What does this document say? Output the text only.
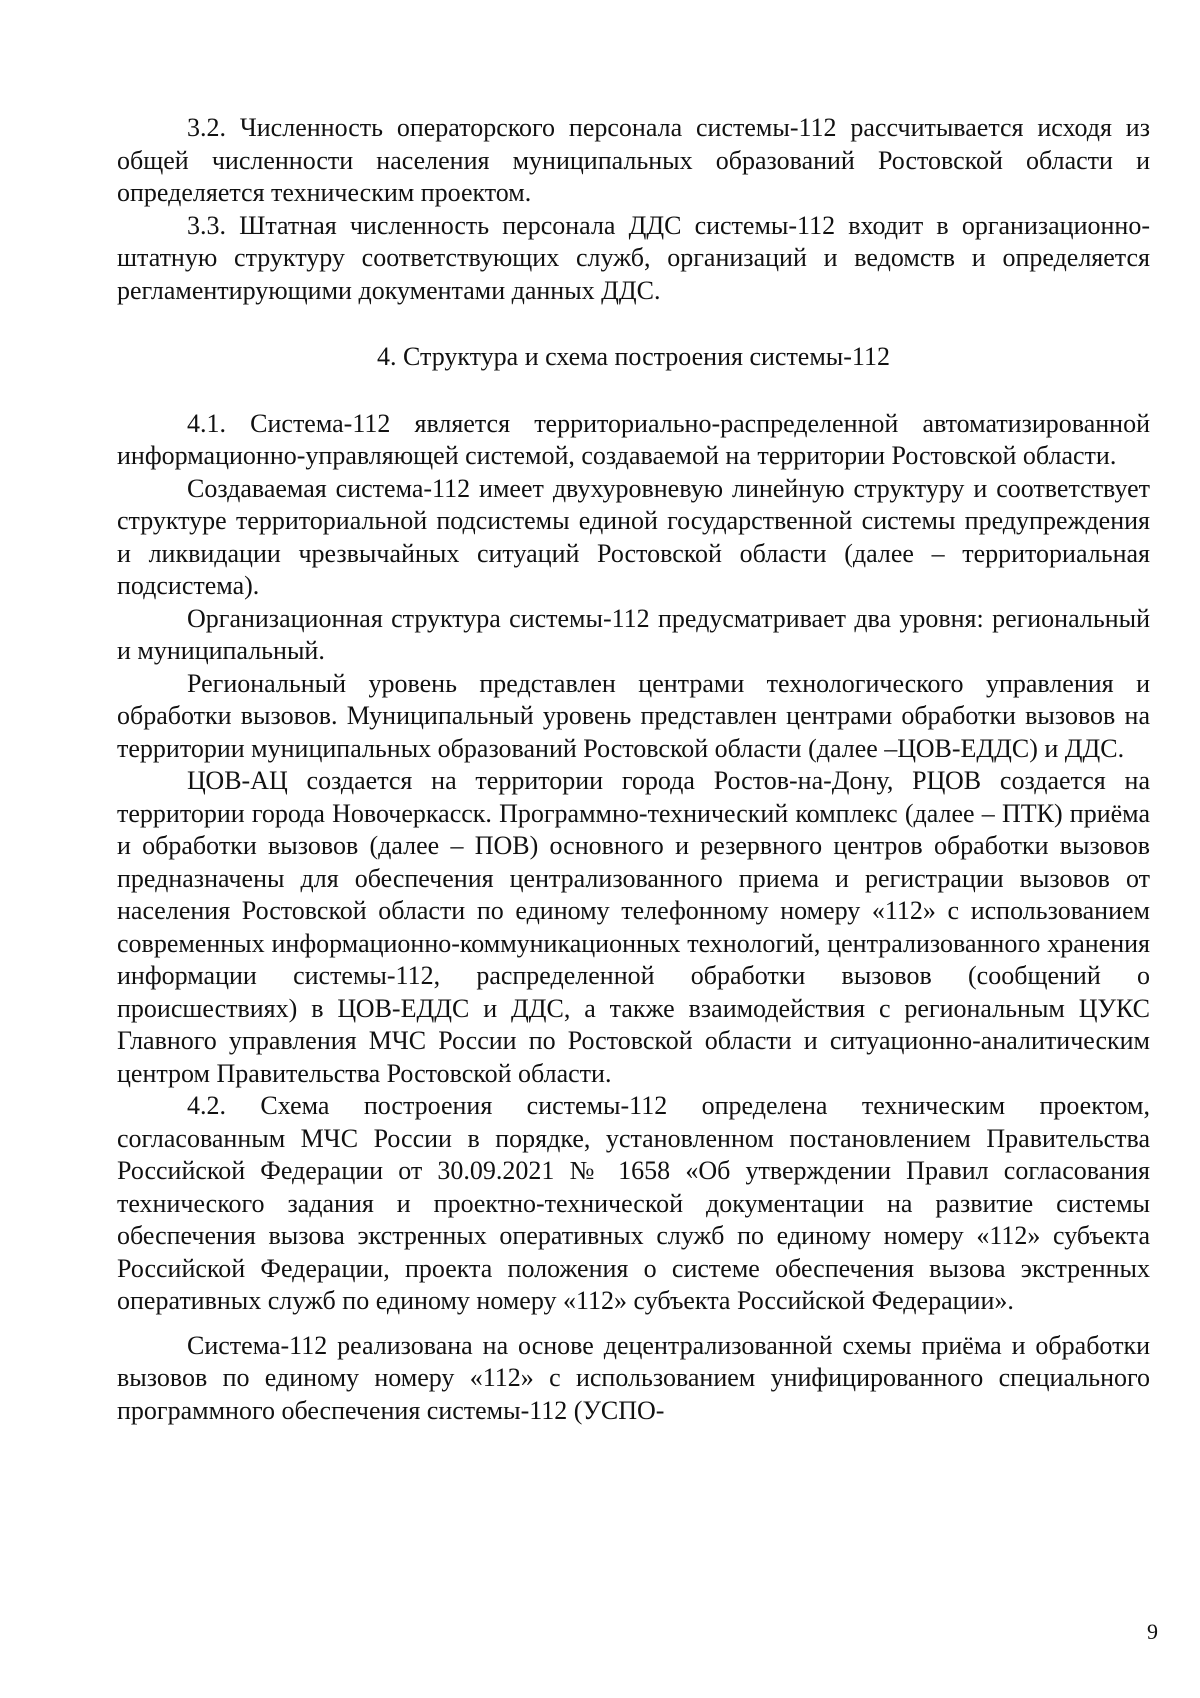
3.2. Численность операторского персонала системы-112 рассчитывается исходя из общей численности населения муниципальных образований Ростовской области и определяется техническим проектом.

3.3. Штатная численность персонала ДДС системы-112 входит в организационно-штатную структуру соответствующих служб, организаций и ведомств и определяется регламентирующими документами данных ДДС.

4. Структура и схема построения системы-112

4.1. Система-112 является территориально-распределенной автоматизированной информационно-управляющей системой, создаваемой на территории Ростовской области.

Создаваемая система-112 имеет двухуровневую линейную структуру и соответствует структуре территориальной подсистемы единой государственной системы предупреждения и ликвидации чрезвычайных ситуаций Ростовской области (далее – территориальная подсистема).

Организационная структура системы-112 предусматривает два уровня: региональный и муниципальный.

Региональный уровень представлен центрами технологического управления и обработки вызовов. Муниципальный уровень представлен центрами обработки вызовов на территории муниципальных образований Ростовской области (далее –ЦОВ-ЕДДС) и ДДС.

ЦОВ-АЦ создается на территории города Ростов-на-Дону, РЦОВ создается на территории города Новочеркасск. Программно-технический комплекс (далее – ПТК) приёма и обработки вызовов (далее – ПОВ) основного и резервного центров обработки вызовов предназначены для обеспечения централизованного приема и регистрации вызовов от населения Ростовской области по единому телефонному номеру «112» с использованием современных информационно-коммуникационных технологий, централизованного хранения информации системы-112, распределенной обработки вызовов (сообщений о происшествиях) в ЦОВ-ЕДДС и ДДС, а также взаимодействия с региональным ЦУКС Главного управления МЧС России по Ростовской области и ситуационно-аналитическим центром Правительства Ростовской области.

4.2. Схема построения системы-112 определена техническим проектом, согласованным МЧС России в порядке, установленном постановлением Правительства Российской Федерации от 30.09.2021 № 1658 «Об утверждении Правил согласования технического задания и проектно-технической документации на развитие системы обеспечения вызова экстренных оперативных служб по единому номеру «112» субъекта Российской Федерации, проекта положения о системе обеспечения вызова экстренных оперативных служб по единому номеру «112» субъекта Российской Федерации».

Система-112 реализована на основе децентрализованной схемы приёма и обработки вызовов по единому номеру «112» с использованием унифицированного специального программного обеспечения системы-112 (УСПО-

9
